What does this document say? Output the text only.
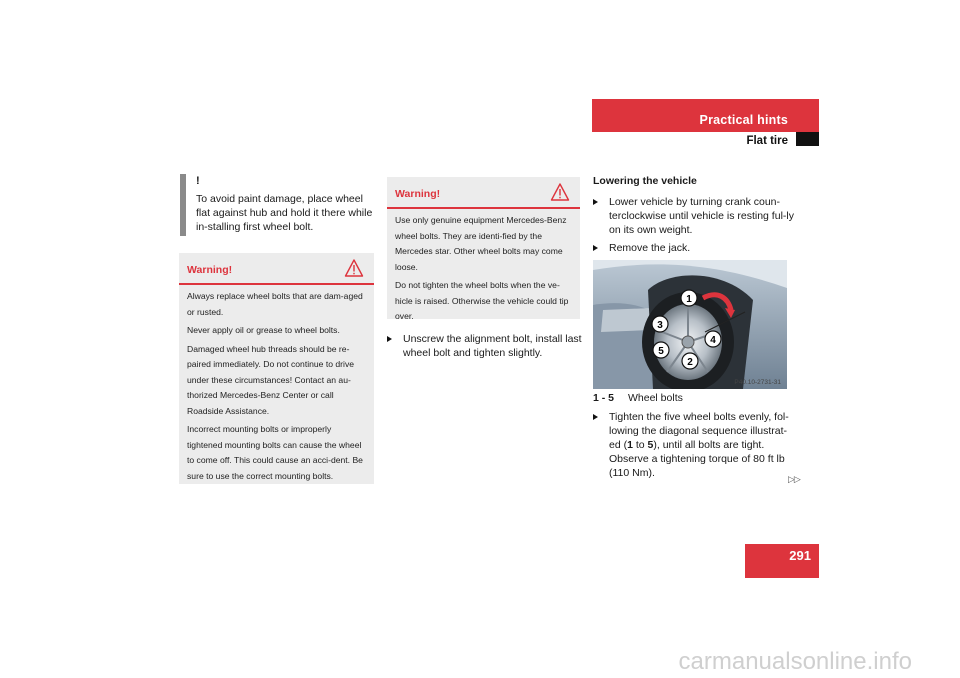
Practical hints
Flat tire
!
To avoid paint damage, place wheel flat against hub and hold it there while in-stalling first wheel bolt.
Warning!

Always replace wheel bolts that are dam-aged or rusted.

Never apply oil or grease to wheel bolts.

Damaged wheel hub threads should be re-paired immediately. Do not continue to drive under these circumstances! Contact an au-thorized Mercedes-Benz Center or call Roadside Assistance.

Incorrect mounting bolts or improperly tightened mounting bolts can cause the wheel to come off. This could cause an acci-dent. Be sure to use the correct mounting bolts.

Warning!

Use only genuine equipment Mercedes-Benz wheel bolts. They are identi-fied by the Mercedes star. Other wheel bolts may come loose.

Do not tighten the wheel bolts when the ve-hicle is raised. Otherwise the vehicle could tip over.

Unscrew the alignment bolt, install last wheel bolt and tighten slightly.
Lowering the vehicle
Lower vehicle by turning crank coun-terclockwise until vehicle is resting ful-ly on its own weight.
Remove the jack.
1
2
3
4
5
P40.10-2731-31
1 - 5 Wheel bolts
Tighten the five wheel bolts evenly, fol-lowing the diagonal sequence illustrat-ed (1 to 5), until all bolts are tight. Observe a tightening torque of 80 ft lb (110 Nm).	▷▷
291
carmanualsonline.info
